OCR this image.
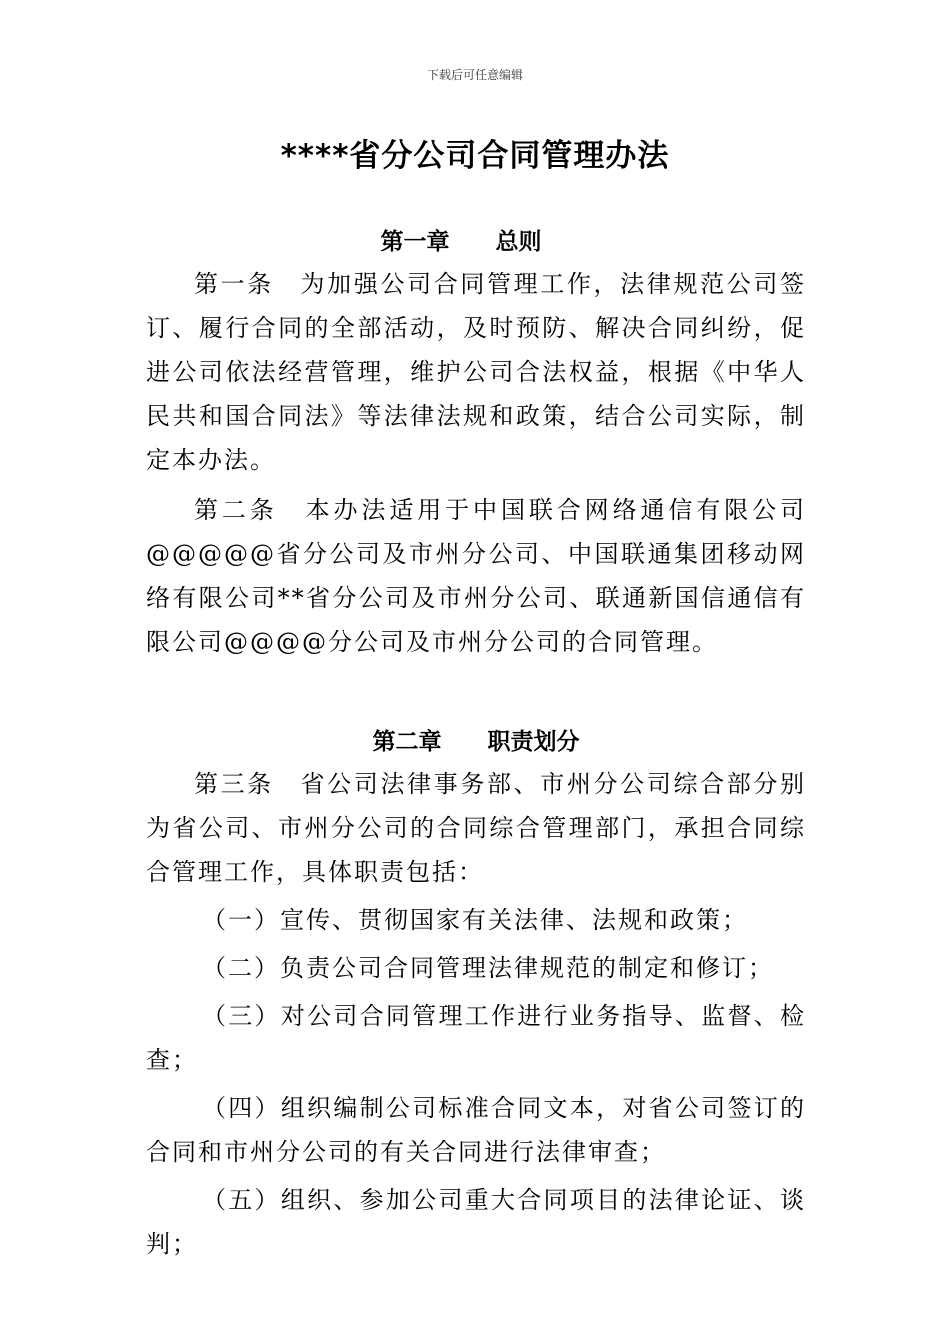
下载后可任意编辑
****省分公司合同管理办法
第一章　　总则

第一条　为加强公司合同管理工作，法律规范公司签订、履行合同的全部活动，及时预防、解决合同纠纷，促进公司依法经营管理，维护公司合法权益，根据《中华人民共和国合同法》等法律法规和政策，结合公司实际，制定本办法。

第二条　本办法适用于中国联合网络通信有限公司@@@@@省分公司及市州分公司、中国联通集团移动网络有限公司**省分公司及市州分公司、联通新国信通信有限公司@@@@分公司及市州分公司的合同管理。

第二章　　职责划分

第三条　省公司法律事务部、市州分公司综合部分别为省公司、市州分公司的合同综合管理部门，承担合同综合管理工作，具体职责包括：

（一）宣传、贯彻国家有关法律、法规和政策；

（二）负责公司合同管理法律规范的制定和修订；

（三）对公司合同管理工作进行业务指导、监督、检查；

（四）组织编制公司标准合同文本，对省公司签订的合同和市州分公司的有关合同进行法律审查；

（五）组织、参加公司重大合同项目的法律论证、谈判；
